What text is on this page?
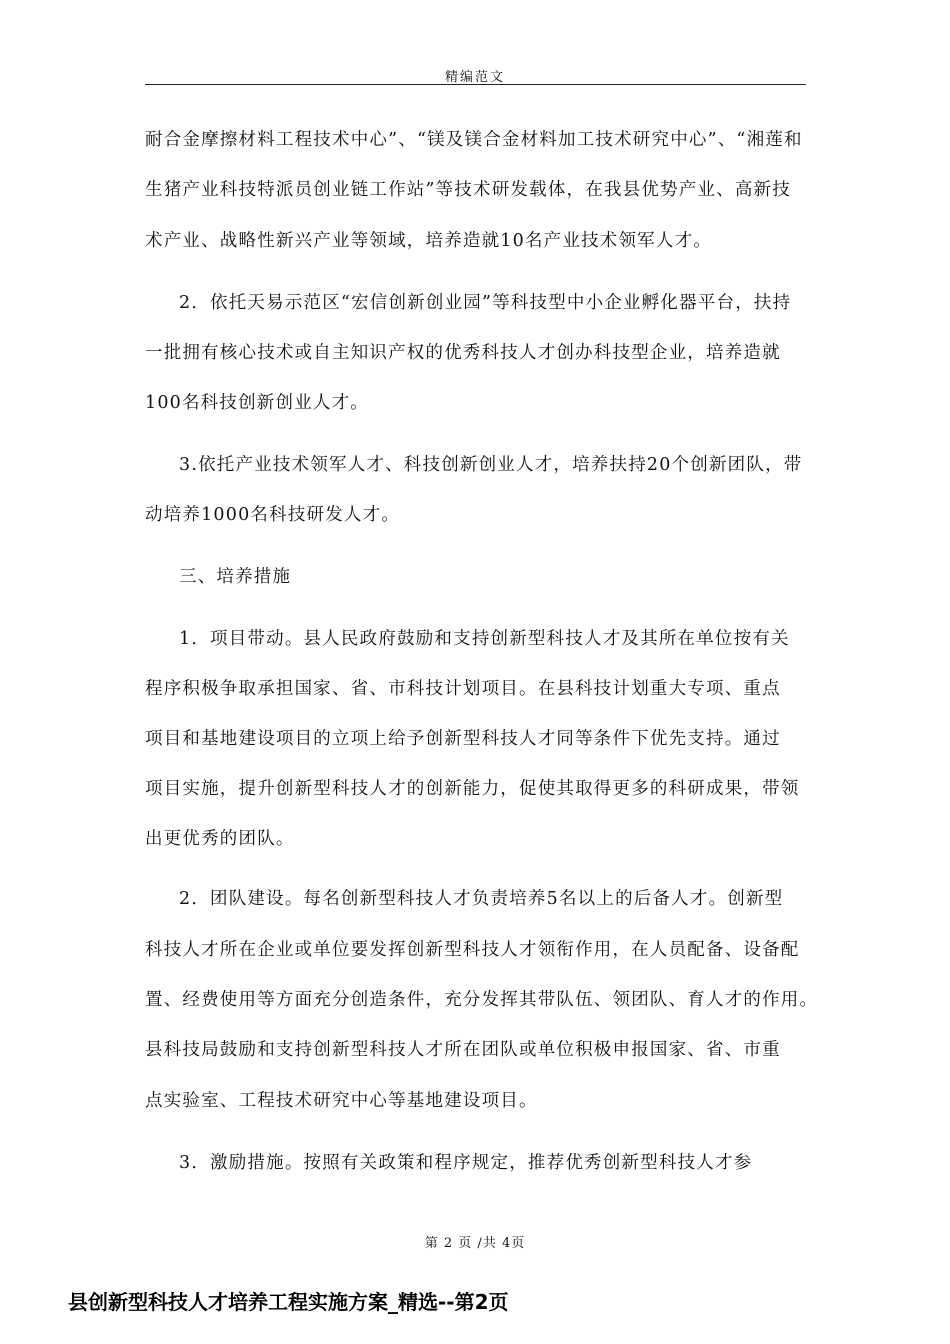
精编范文
耐合金摩擦材料工程技术中心”、“镁及镁合金材料加工技术研究中心”、“湘莲和
生猪产业科技特派员创业链工作站”等技术研发载体，在我县优势产业、高新技
术产业、战略性新兴产业等领域，培养造就10名产业技术领军人才。
2．依托天易示范区“宏信创新创业园”等科技型中小企业孵化器平台，扶持
一批拥有核心技术或自主知识产权的优秀科技人才创办科技型企业，培养造就
100名科技创新创业人才。
3.依托产业技术领军人才、科技创新创业人才，培养扶持20个创新团队，带
动培养1000名科技研发人才。
三、培养措施
1．项目带动。县人民政府鼓励和支持创新型科技人才及其所在单位按有关
程序积极争取承担国家、省、市科技计划项目。在县科技计划重大专项、重点
项目和基地建设项目的立项上给予创新型科技人才同等条件下优先支持。通过
项目实施，提升创新型科技人才的创新能力，促使其取得更多的科研成果，带领
出更优秀的团队。
2．团队建设。每名创新型科技人才负责培养5名以上的后备人才。创新型
科技人才所在企业或单位要发挥创新型科技人才领衔作用，在人员配备、设备配
置、经费使用等方面充分创造条件，充分发挥其带队伍、领团队、育人才的作用。
县科技局鼓励和支持创新型科技人才所在团队或单位积极申报国家、省、市重
点实验室、工程技术研究中心等基地建设项目。
3．激励措施。按照有关政策和程序规定，推荐优秀创新型科技人才参
第 2 页 /共 4页
县创新型科技人才培养工程实施方案_精选--第2页
